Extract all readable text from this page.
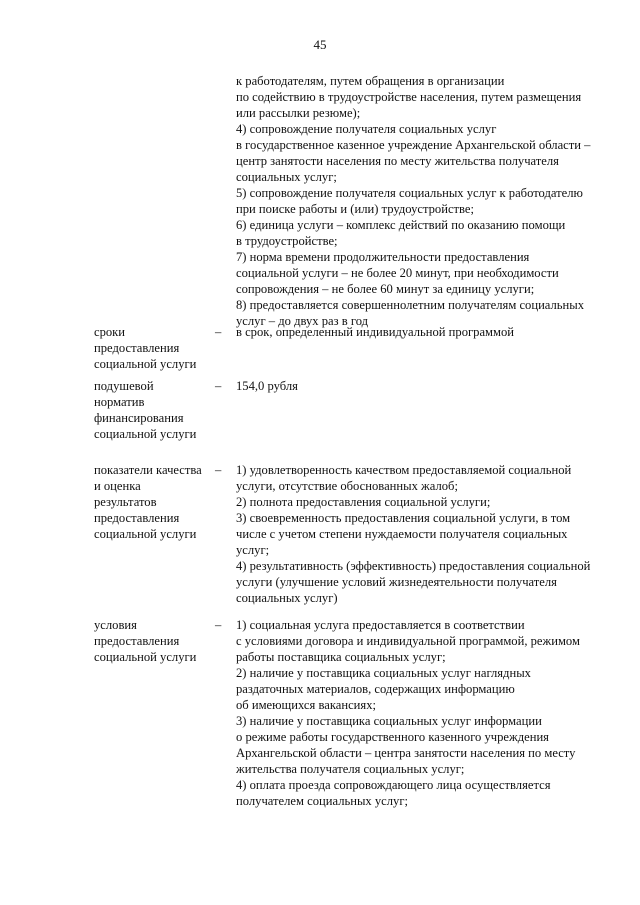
45
к работодателям, путем обращения в организации
по содействию в трудоустройстве населения, путем размещения
или рассылки резюме);
4) сопровождение получателя социальных услуг
в государственное казенное учреждение Архангельской области –
центр занятости населения по месту жительства получателя
социальных услуг;
5) сопровождение получателя социальных услуг к работодателю
при поиске работы и (или) трудоустройстве;
6) единица услуги – комплекс действий по оказанию помощи
в трудоустройстве;
7) норма времени продолжительности предоставления
социальной услуги – не более 20 минут, при необходимости
сопровождения – не более 60 минут за единицу услуги;
8) предоставляется совершеннолетним получателям социальных
услуг – до двух раз в год
сроки
предоставления
социальной услуги
– в срок, определенный индивидуальной программой
подушевой
норматив
финансирования
социальной услуги
– 154,0 рубля
показатели качества
и оценка
результатов
предоставления
социальной услуги
– 1) удовлетворенность качеством предоставляемой социальной
услуги, отсутствие обоснованных жалоб;
2) полнота предоставления социальной услуги;
3) своевременность предоставления социальной услуги, в том
числе с учетом степени нуждаемости получателя социальных
услуг;
4) результативность (эффективность) предоставления социальной
услуги (улучшение условий жизнедеятельности получателя
социальных услуг)
условия
предоставления
социальной услуги
– 1) социальная услуга предоставляется в соответствии
с условиями договора и индивидуальной программой, режимом
работы поставщика социальных услуг;
2) наличие у поставщика социальных услуг наглядных
раздаточных материалов, содержащих информацию
об имеющихся вакансиях;
3) наличие у поставщика социальных услуг информации
о режиме работы государственного казенного учреждения
Архангельской области – центра занятости населения по месту
жительства получателя социальных услуг;
4) оплата проезда сопровождающего лица осуществляется
получателем социальных услуг;
